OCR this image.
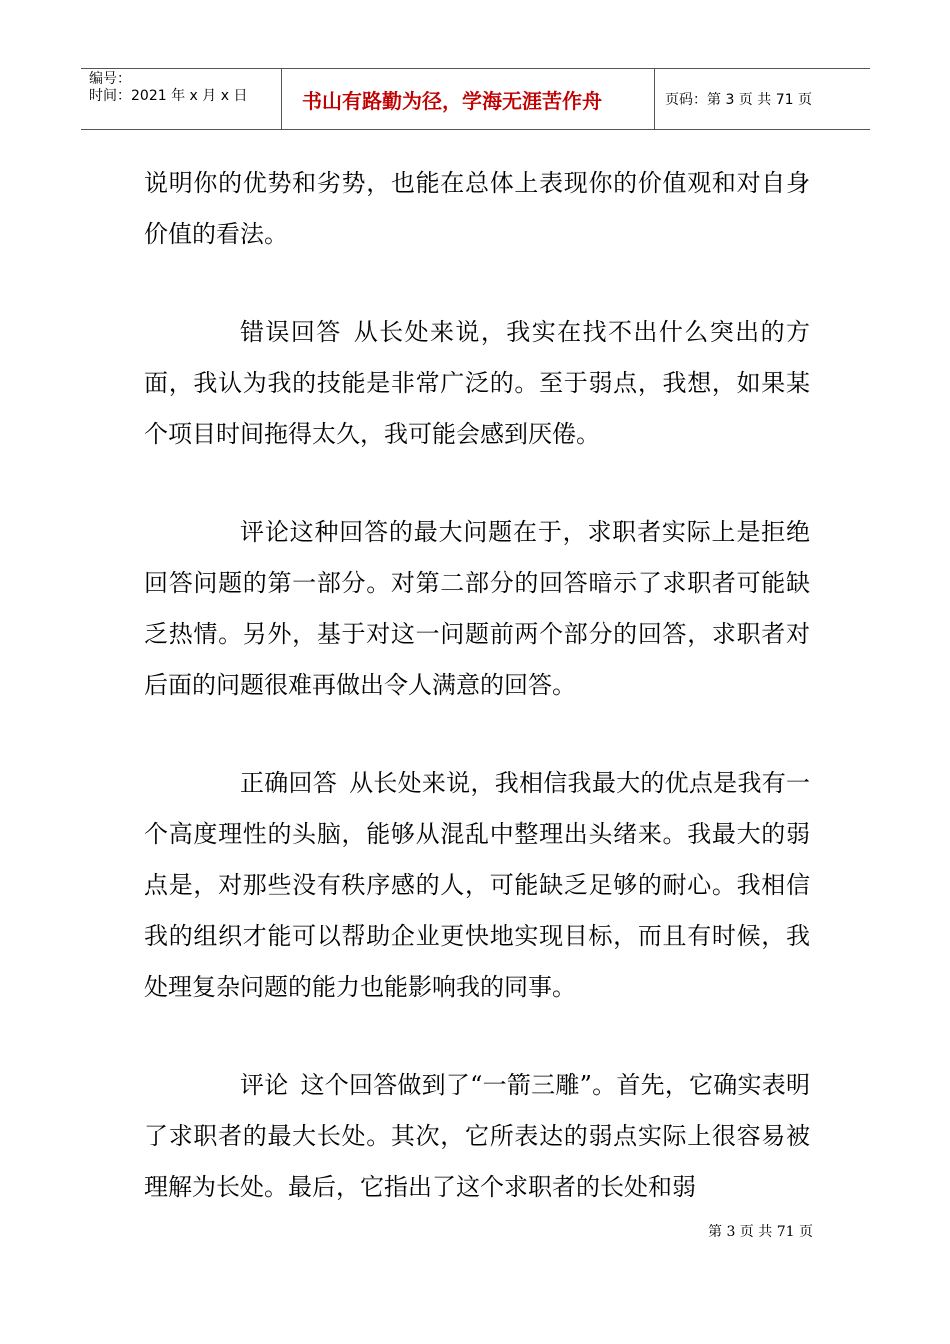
编号：
时间：2021 年 x 月 x 日	书山有路勤为径，学海无涯苦作舟	页码：第 3 页 共 71 页

说明你的优势和劣势，也能在总体上表现你的价值观和对自身价值的看法。

错误回答 从长处来说，我实在找不出什么突出的方面，我认为我的技能是非常广泛的。至于弱点，我想，如果某个项目时间拖得太久，我可能会感到厌倦。

评论这种回答的最大问题在于，求职者实际上是拒绝回答问题的第一部分。对第二部分的回答暗示了求职者可能缺乏热情。另外，基于对这一问题前两个部分的回答，求职者对后面的问题很难再做出令人满意的回答。

正确回答 从长处来说，我相信我最大的优点是我有一个高度理性的头脑，能够从混乱中整理出头绪来。我最大的弱点是，对那些没有秩序感的人，可能缺乏足够的耐心。我相信我的组织才能可以帮助企业更快地实现目标，而且有时候，我处理复杂问题的能力也能影响我的同事。

评论 这个回答做到了“一箭三雕”。首先，它确实表明了求职者的最大长处。其次，它所表达的弱点实际上很容易被理解为长处。最后，它指出了这个求职者的长处和弱

第 3 页 共 71 页
